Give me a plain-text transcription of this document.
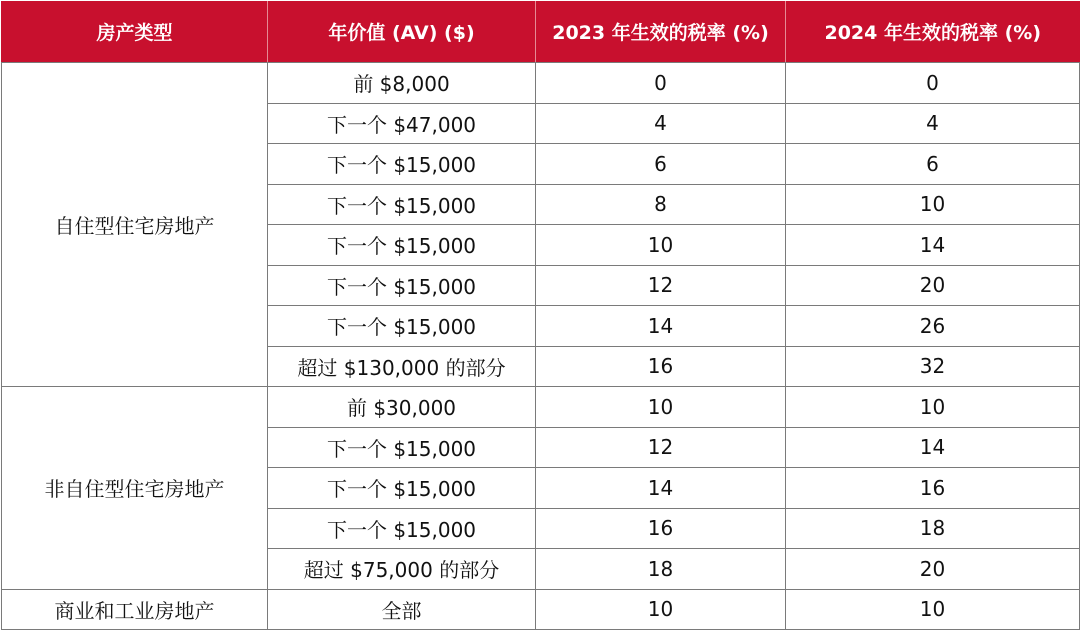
房产类型	年价值 (AV) ($)	2023 年生效的税率 (%)	2024 年生效的税率 (%)
自住型住宅房地产	前 $8,000	0	0
	下一个 $47,000	4	4
	下一个 $15,000	6	6
	下一个 $15,000	8	10
	下一个 $15,000	10	14
	下一个 $15,000	12	20
	下一个 $15,000	14	26
	超过 $130,000 的部分	16	32
非自住型住宅房地产	前 $30,000	10	10
	下一个 $15,000	12	14
	下一个 $15,000	14	16
	下一个 $15,000	16	18
	超过 $75,000 的部分	18	20
商业和工业房地产	全部	10	10
